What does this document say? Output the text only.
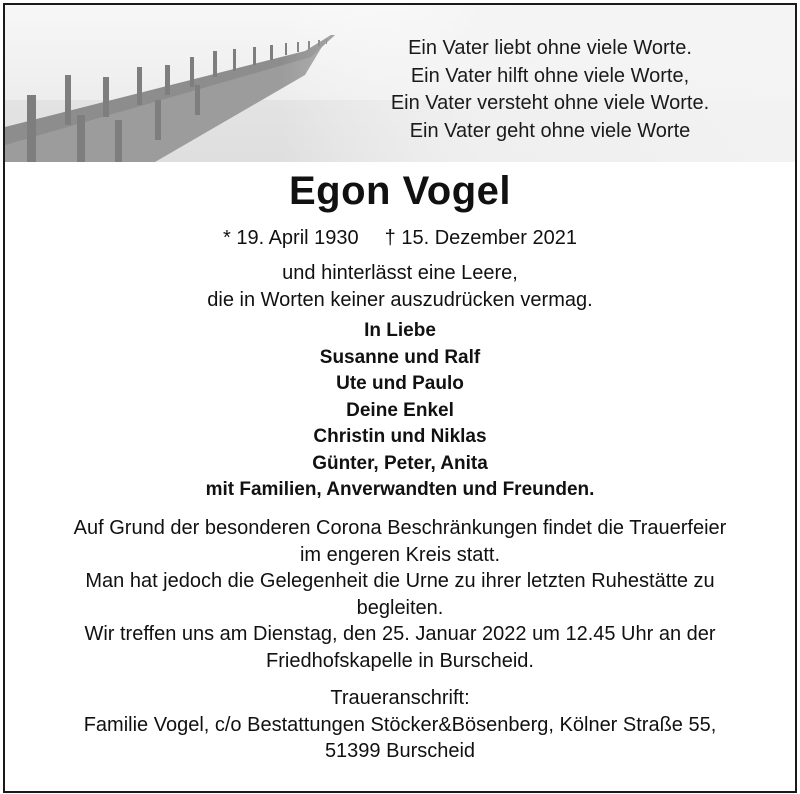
Ein Vater liebt ohne viele Worte.
Ein Vater hilft ohne viele Worte,
Ein Vater versteht ohne viele Worte.
Ein Vater geht ohne viele Worte
Egon Vogel
* 19. April 1930 † 15. Dezember 2021
und hinterlässt eine Leere,
die in Worten keiner auszudrücken vermag.
In Liebe
Susanne und Ralf
Ute und Paulo
Deine Enkel
Christin und Niklas
Günter, Peter, Anita
mit Familien, Anverwandten und Freunden.
Auf Grund der besonderen Corona Beschränkungen findet die Trauerfeier
im engeren Kreis statt.
Man hat jedoch die Gelegenheit die Urne zu ihrer letzten Ruhestätte zu
begleiten.
Wir treffen uns am Dienstag, den 25. Januar 2022 um 12.45 Uhr an der
Friedhofskapelle in Burscheid.
Traueranschrift:
Familie Vogel, c/o Bestattungen Stöcker&Bösenberg, Kölner Straße 55,
51399 Burscheid
